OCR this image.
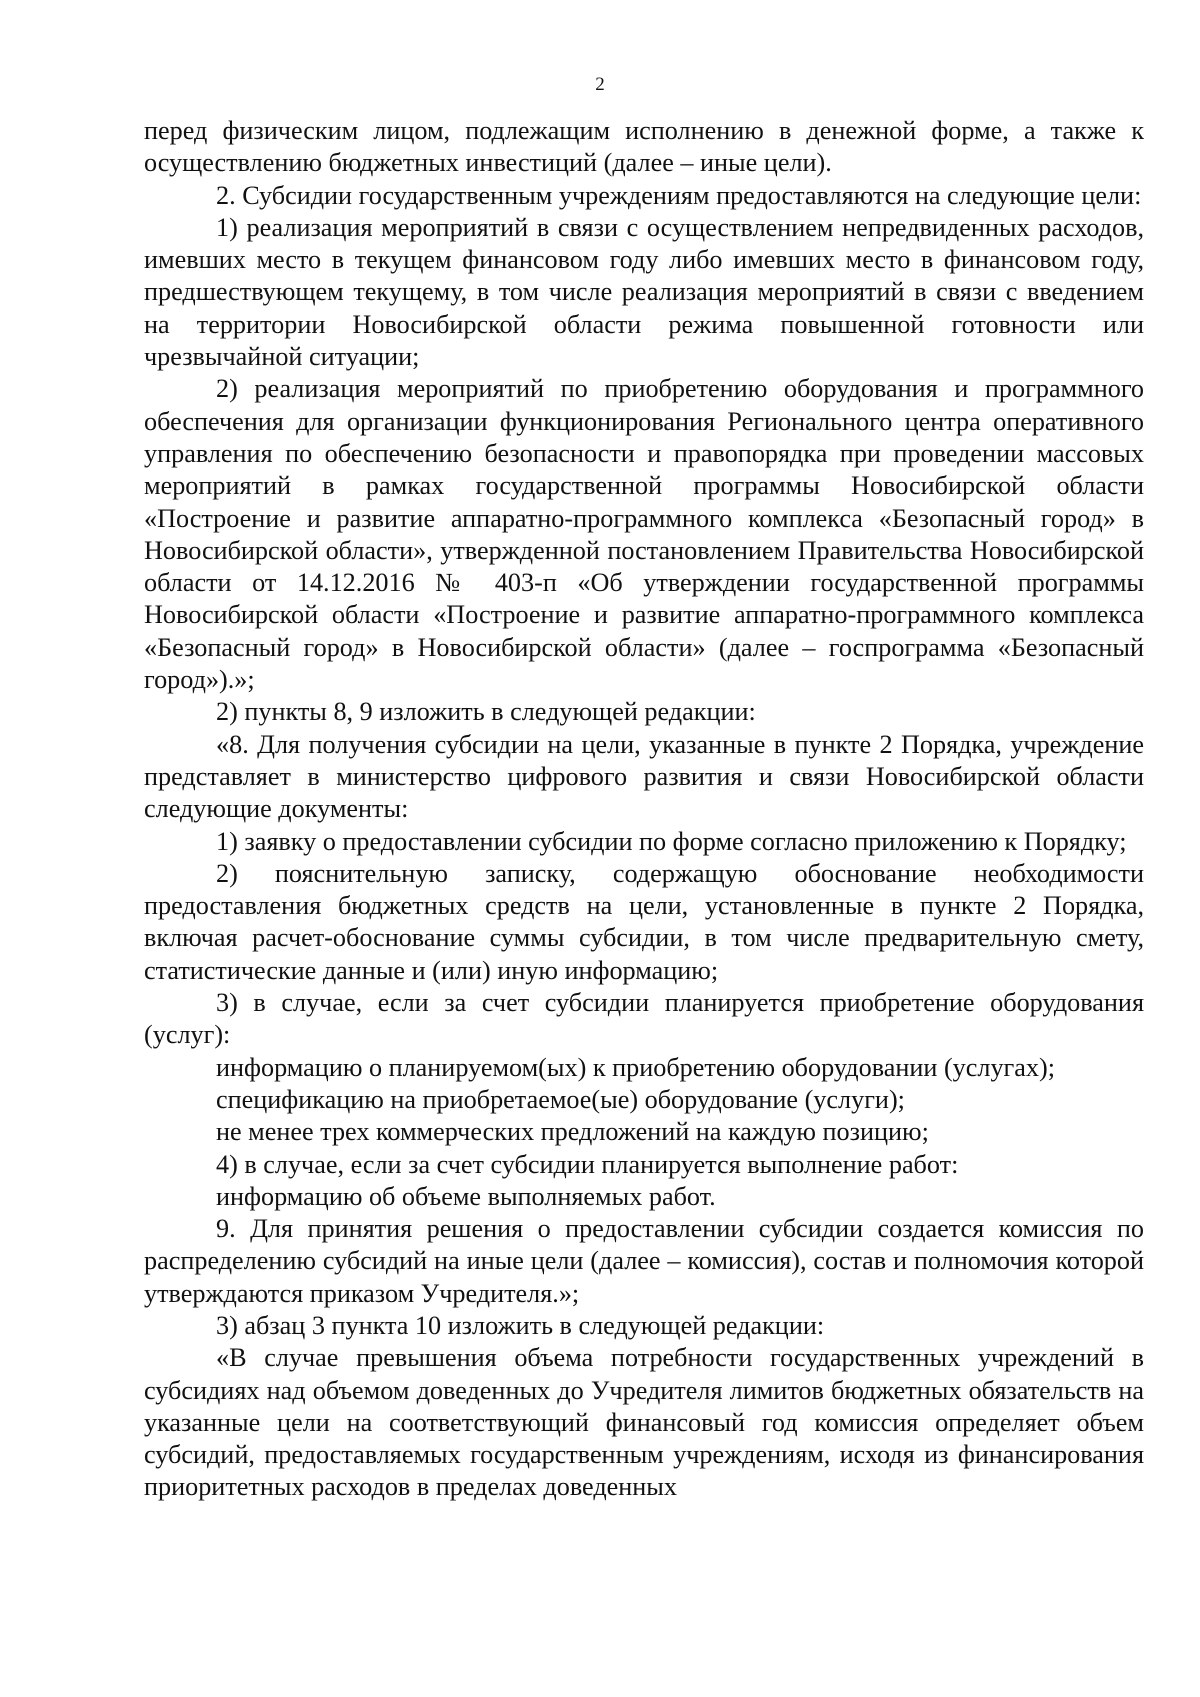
2

перед физическим лицом, подлежащим исполнению в денежной форме, а также к осуществлению бюджетных инвестиций (далее – иные цели).

2. Субсидии государственным учреждениям предоставляются на следующие цели:

1) реализация мероприятий в связи с осуществлением непредвиденных расходов, имевших место в текущем финансовом году либо имевших место в финансовом году, предшествующем текущему, в том числе реализация мероприятий в связи с введением на территории Новосибирской области режима повышенной готовности или чрезвычайной ситуации;

2) реализация мероприятий по приобретению оборудования и программного обеспечения для организации функционирования Регионального центра оперативного управления по обеспечению безопасности и правопорядка при проведении массовых мероприятий в рамках государственной программы Новосибирской области «Построение и развитие аппаратно-программного комплекса «Безопасный город» в Новосибирской области», утвержденной постановлением Правительства Новосибирской области от 14.12.2016 № 403-п «Об утверждении государственной программы Новосибирской области «Построение и развитие аппаратно-программного комплекса «Безопасный город» в Новосибирской области» (далее – госпрограмма «Безопасный город»).»;

2) пункты 8, 9 изложить в следующей редакции:

«8. Для получения субсидии на цели, указанные в пункте 2 Порядка, учреждение представляет в министерство цифрового развития и связи Новосибирской области следующие документы:

1) заявку о предоставлении субсидии по форме согласно приложению к Порядку;

2) пояснительную записку, содержащую обоснование необходимости предоставления бюджетных средств на цели, установленные в пункте 2 Порядка, включая расчет-обоснование суммы субсидии, в том числе предварительную смету, статистические данные и (или) иную информацию;

3) в случае, если за счет субсидии планируется приобретение оборудования (услуг):

информацию о планируемом(ых) к приобретению оборудовании (услугах);

спецификацию на приобретаемое(ые) оборудование (услуги);

не менее трех коммерческих предложений на каждую позицию;

4) в случае, если за счет субсидии планируется выполнение работ:

информацию об объеме выполняемых работ.

9. Для принятия решения о предоставлении субсидии создается комиссия по распределению субсидий на иные цели (далее – комиссия), состав и полномочия которой утверждаются приказом Учредителя.»;

3) абзац 3 пункта 10 изложить в следующей редакции:

«В случае превышения объема потребности государственных учреждений в субсидиях над объемом доведенных до Учредителя лимитов бюджетных обязательств на указанные цели на соответствующий финансовый год комиссия определяет объем субсидий, предоставляемых государственным учреждениям, исходя из финансирования приоритетных расходов в пределах доведенных
